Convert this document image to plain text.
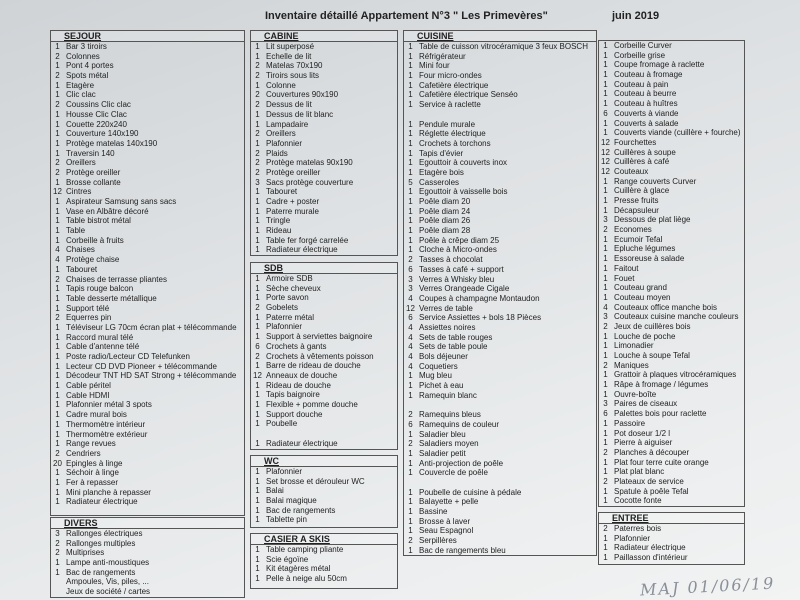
Inventaire détaillé Appartement N°3 " Les Primevères"	juin 2019
SEJOUR
1 Bar 3 tiroirs
2 Colonnes
1 Pont 4 portes
2 Spots métal
1 Etagère
1 Clic clac
2 Coussins Clic clac
1 Housse Clic Clac
1 Couette 220x240
1 Couverture 140x190
1 Protège matelas 140x190
1 Traversin 140
2 Oreillers
2 Protège oreiller
1 Brosse collante
12 Cintres
1 Aspirateur Samsung sans sacs
1 Vase en Albâtre décoré
1 Table bistrot métal
1 Table
1 Corbeille à fruits
4 Chaises
4 Protège chaise
1 Tabouret
2 Chaises de terrasse pliantes
1 Tapis rouge balcon
1 Table desserte métallique
1 Support télé
2 Equerres pin
1 Téléviseur LG 70cm écran plat + télécommande
1 Raccord mural télé
1 Cable d'antenne télé
1 Poste radio/Lecteur CD Telefunken
1 Lecteur CD DVD Pioneer + télécommande
1 Décodeur TNT HD SAT Strong + télécommande
1 Cable péritel
1 Cable HDMI
1 Plafonnier métal 3 spots
1 Cadre mural bois
1 Thermomètre intérieur
1 Thermomètre extérieur
1 Range revues
2 Cendriers
20 Epingles à linge
1 Séchoir à linge
1 Fer à repasser
1 Mini planche à repasser
1 Radiateur électrique
DIVERS
3 Rallonges électriques
2 Rallonges multiples
2 Multiprises
1 Lampe anti-moustiques
1 Bac de rangements
Ampoules, Vis, piles, ...
Jeux de société / cartes
CABINE
1 Lit superposé
1 Echelle de lit
2 Matelas 70x190
2 Tiroirs sous lits
1 Colonne
2 Couvertures 90x190
2 Dessus de lit
1 Dessus de lit blanc
1 Lampadaire
2 Oreillers
1 Plafonnier
2 Plaids
2 Protège matelas 90x190
2 Protège oreiller
3 Sacs protège couverture
1 Tabouret
1 Cadre + poster
1 Paterre murale
1 Tringle
1 Rideau
1 Table fer forgé carrelée
1 Radiateur électrique
SDB
1 Armoire SDB
1 Sèche cheveux
1 Porte savon
2 Gobelets
1 Paterre métal
1 Plafonnier
1 Support à serviettes baignoire
6 Crochets à gants
2 Crochets à vêtements poisson
1 Barre de rideau de douche
12 Anneaux de douche
1 Rideau de douche
1 Tapis baignoire
1 Flexible + pomme douche
1 Support douche
1 Poubelle
1 Radiateur électrique
WC
1 Plafonnier
1 Set brosse et dérouleur WC
1 Balai
1 Balai magique
1 Bac de rangements
1 Tablette pin
CASIER A SKIS
1 Table camping pliante
1 Scie égoïne
1 Kit étagères métal
1 Pelle à neige alu 50cm
CUISINE
1 Table de cuisson vitrocéramique 3 feux BOSCH
1 Réfrigérateur
1 Mini four
1 Four micro-ondes
1 Cafetière électrique
1 Cafetière électrique Senséo
1 Service à raclette
1 Pendule murale
1 Réglette électrique
1 Crochets à torchons
1 Tapis d'évier
1 Egouttoir à couverts inox
1 Etagère bois
5 Casseroles
1 Egouttoir à vaisselle bois
1 Poêle diam 20
1 Poêle diam 24
1 Poêle diam 26
1 Poêle diam 28
1 Poêle à crêpe diam 25
1 Cloche à Micro-ondes
2 Tasses à chocolat
6 Tasses à café + support
3 Verres à Whisky bleu
3 Verres Orangeade Cigale
4 Coupes à champagne Montaudon
12 Verres de table
6 Service Assiettes + bols 18 Pièces
4 Assiettes noires
4 Sets de table rouges
4 Sets de table poule
4 Bols déjeuner
4 Coquetiers
1 Mug bleu
1 Pichet à eau
1 Ramequin blanc
2 Ramequins bleus
6 Ramequins de couleur
1 Saladier bleu
2 Saladiers moyen
1 Saladier petit
1 Anti-projection de poêle
1 Couvercle de poêle
1 Poubelle de cuisine à pédale
1 Balayette + pelle
1 Bassine
1 Brosse à laver
1 Seau Espagnol
2 Serpillères
1 Bac de rangements bleu
1 Corbeille Curver
1 Corbeille grise
1 Coupe fromage à raclette
1 Couteau à fromage
1 Couteau à pain
1 Couteau à beurre
1 Couteau à huîtres
6 Couverts à viande
1 Couverts à salade
1 Couverts viande (cuillère + fourche)
12 Fourchettes
12 Cuillères à soupe
12 Cuillères à café
12 Couteaux
1 Range couverts Curver
1 Cuillère à glace
1 Presse fruits
1 Décapsuleur
3 Dessous de plat liège
2 Economes
1 Ecumoir Tefal
1 Epluche légumes
1 Essoreuse à salade
1 Faitout
1 Fouet
1 Couteau grand
1 Couteau moyen
4 Couteaux office manche bois
3 Couteaux cuisine manche couleurs
2 Jeux de cuillères bois
1 Louche de poche
1 Limonadier
1 Louche à soupe Tefal
2 Maniques
1 Grattoir à plaques vitrocéramiques
1 Râpe à fromage / légumes
1 Ouvre-boîte
3 Paires de ciseaux
6 Palettes bois pour raclette
1 Passoire
1 Pot doseur 1/2 l
1 Pierre à aiguiser
2 Planches à découper
1 Plat four terre cuite orange
1 Plat plat blanc
2 Plateaux de service
1 Spatule à poêle Tefal
1 Cocotte fonte
ENTREE
2 Paterres bois
1 Plafonnier
1 Radiateur électrique
1 Paillasson d'intérieur
MAJ 01/06/19
